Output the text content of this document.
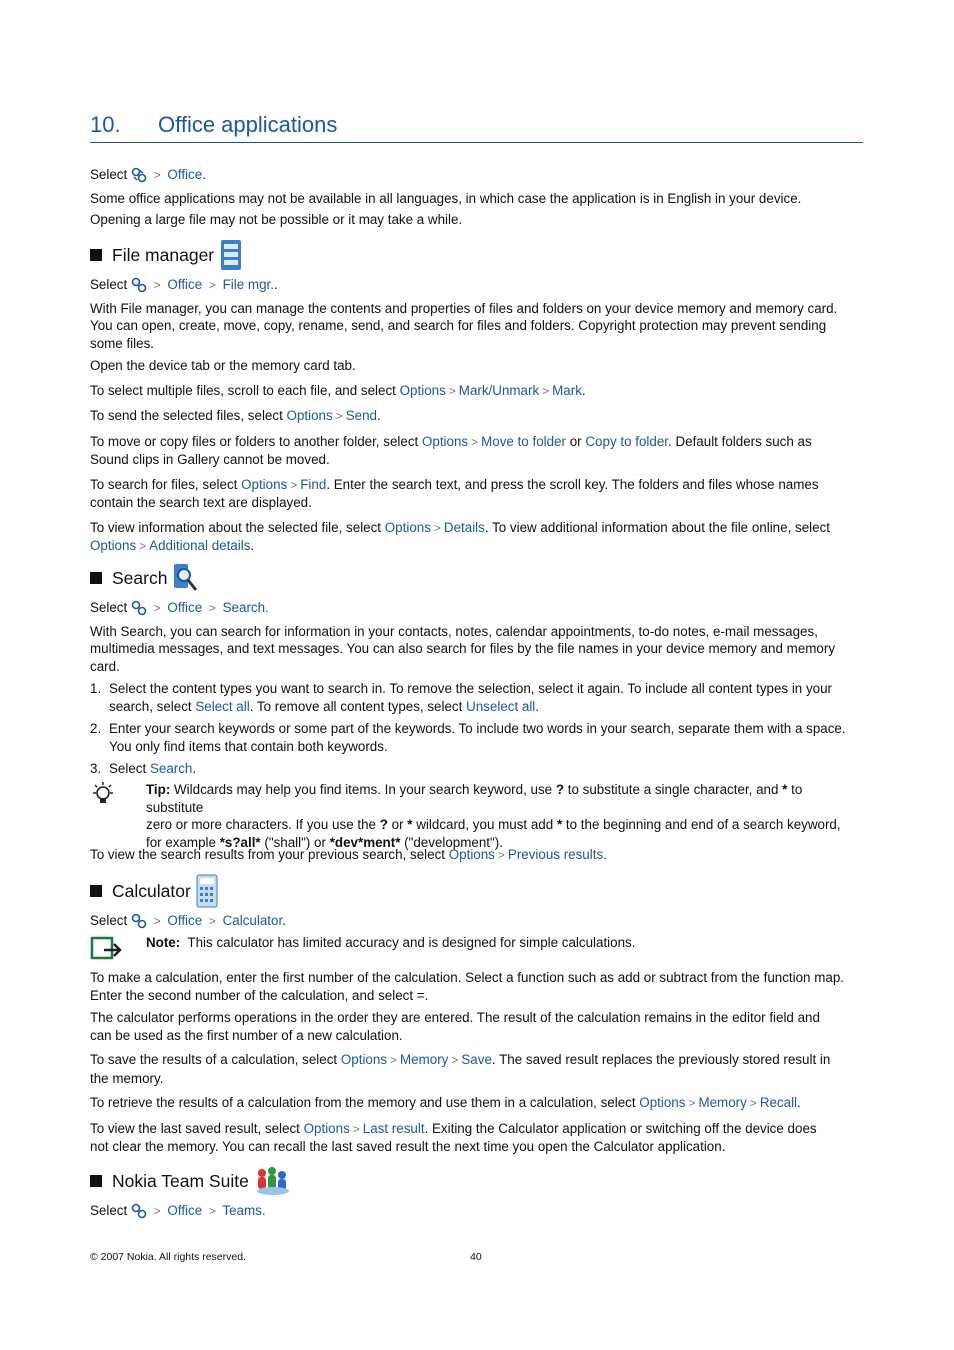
10. Office applications

Select > Office.

Some office applications may not be available in all languages, in which case the application is in English in your device.

Opening a large file may not be possible or it may take a while.

File manager

Select > Office > File mgr..

With File manager, you can manage the contents and properties of files and folders on your device memory and memory card.

You can open, create, move, copy, rename, send, and search for files and folders. Copyright protection may prevent sending

some files.

Open the device tab or the memory card tab.

To select multiple files, scroll to each file, and select Options > Mark/Unmark > Mark.

To send the selected files, select Options > Send.

To move or copy files or folders to another folder, select Options > Move to folder or Copy to folder. Default folders such as

Sound clips in Gallery cannot be moved.

To search for files, select Options > Find. Enter the search text, and press the scroll key. The folders and files whose names

contain the search text are displayed.

To view information about the selected file, select Options > Details. To view additional information about the file online, select

Options > Additional details.

Search

Select > Office > Search.

With Search, you can search for information in your contacts, notes, calendar appointments, to-do notes, e-mail messages,

multimedia messages, and text messages. You can also search for files by the file names in your device memory and memory

card.

1. Select the content types you want to search in. To remove the selection, select it again. To include all content types in your
search, select Select all. To remove all content types, select Unselect all.
2. Enter your search keywords or some part of the keywords. To include two words in your search, separate them with a space.
You only find items that contain both keywords.
3. Select Search.

Tip: Wildcards may help you find items. In your search keyword, use ? to substitute a single character, and * to substitute

zero or more characters. If you use the ? or * wildcard, you must add * to the beginning and end of a search keyword,

for example *s?all* ("shall") or *dev*ment* ("development").

To view the search results from your previous search, select Options > Previous results.

Calculator

Select > Office > Calculator.

Note: This calculator has limited accuracy and is designed for simple calculations.

To make a calculation, enter the first number of the calculation. Select a function such as add or subtract from the function map.

Enter the second number of the calculation, and select =.

The calculator performs operations in the order they are entered. The result of the calculation remains in the editor field and

can be used as the first number of a new calculation.

To save the results of a calculation, select Options > Memory > Save. The saved result replaces the previously stored result in

the memory.

To retrieve the results of a calculation from the memory and use them in a calculation, select Options > Memory > Recall.

To view the last saved result, select Options > Last result. Exiting the Calculator application or switching off the device does

not clear the memory. You can recall the last saved result the next time you open the Calculator application.

Nokia Team Suite

Select > Office > Teams.

© 2007 Nokia. All rights reserved.	40
